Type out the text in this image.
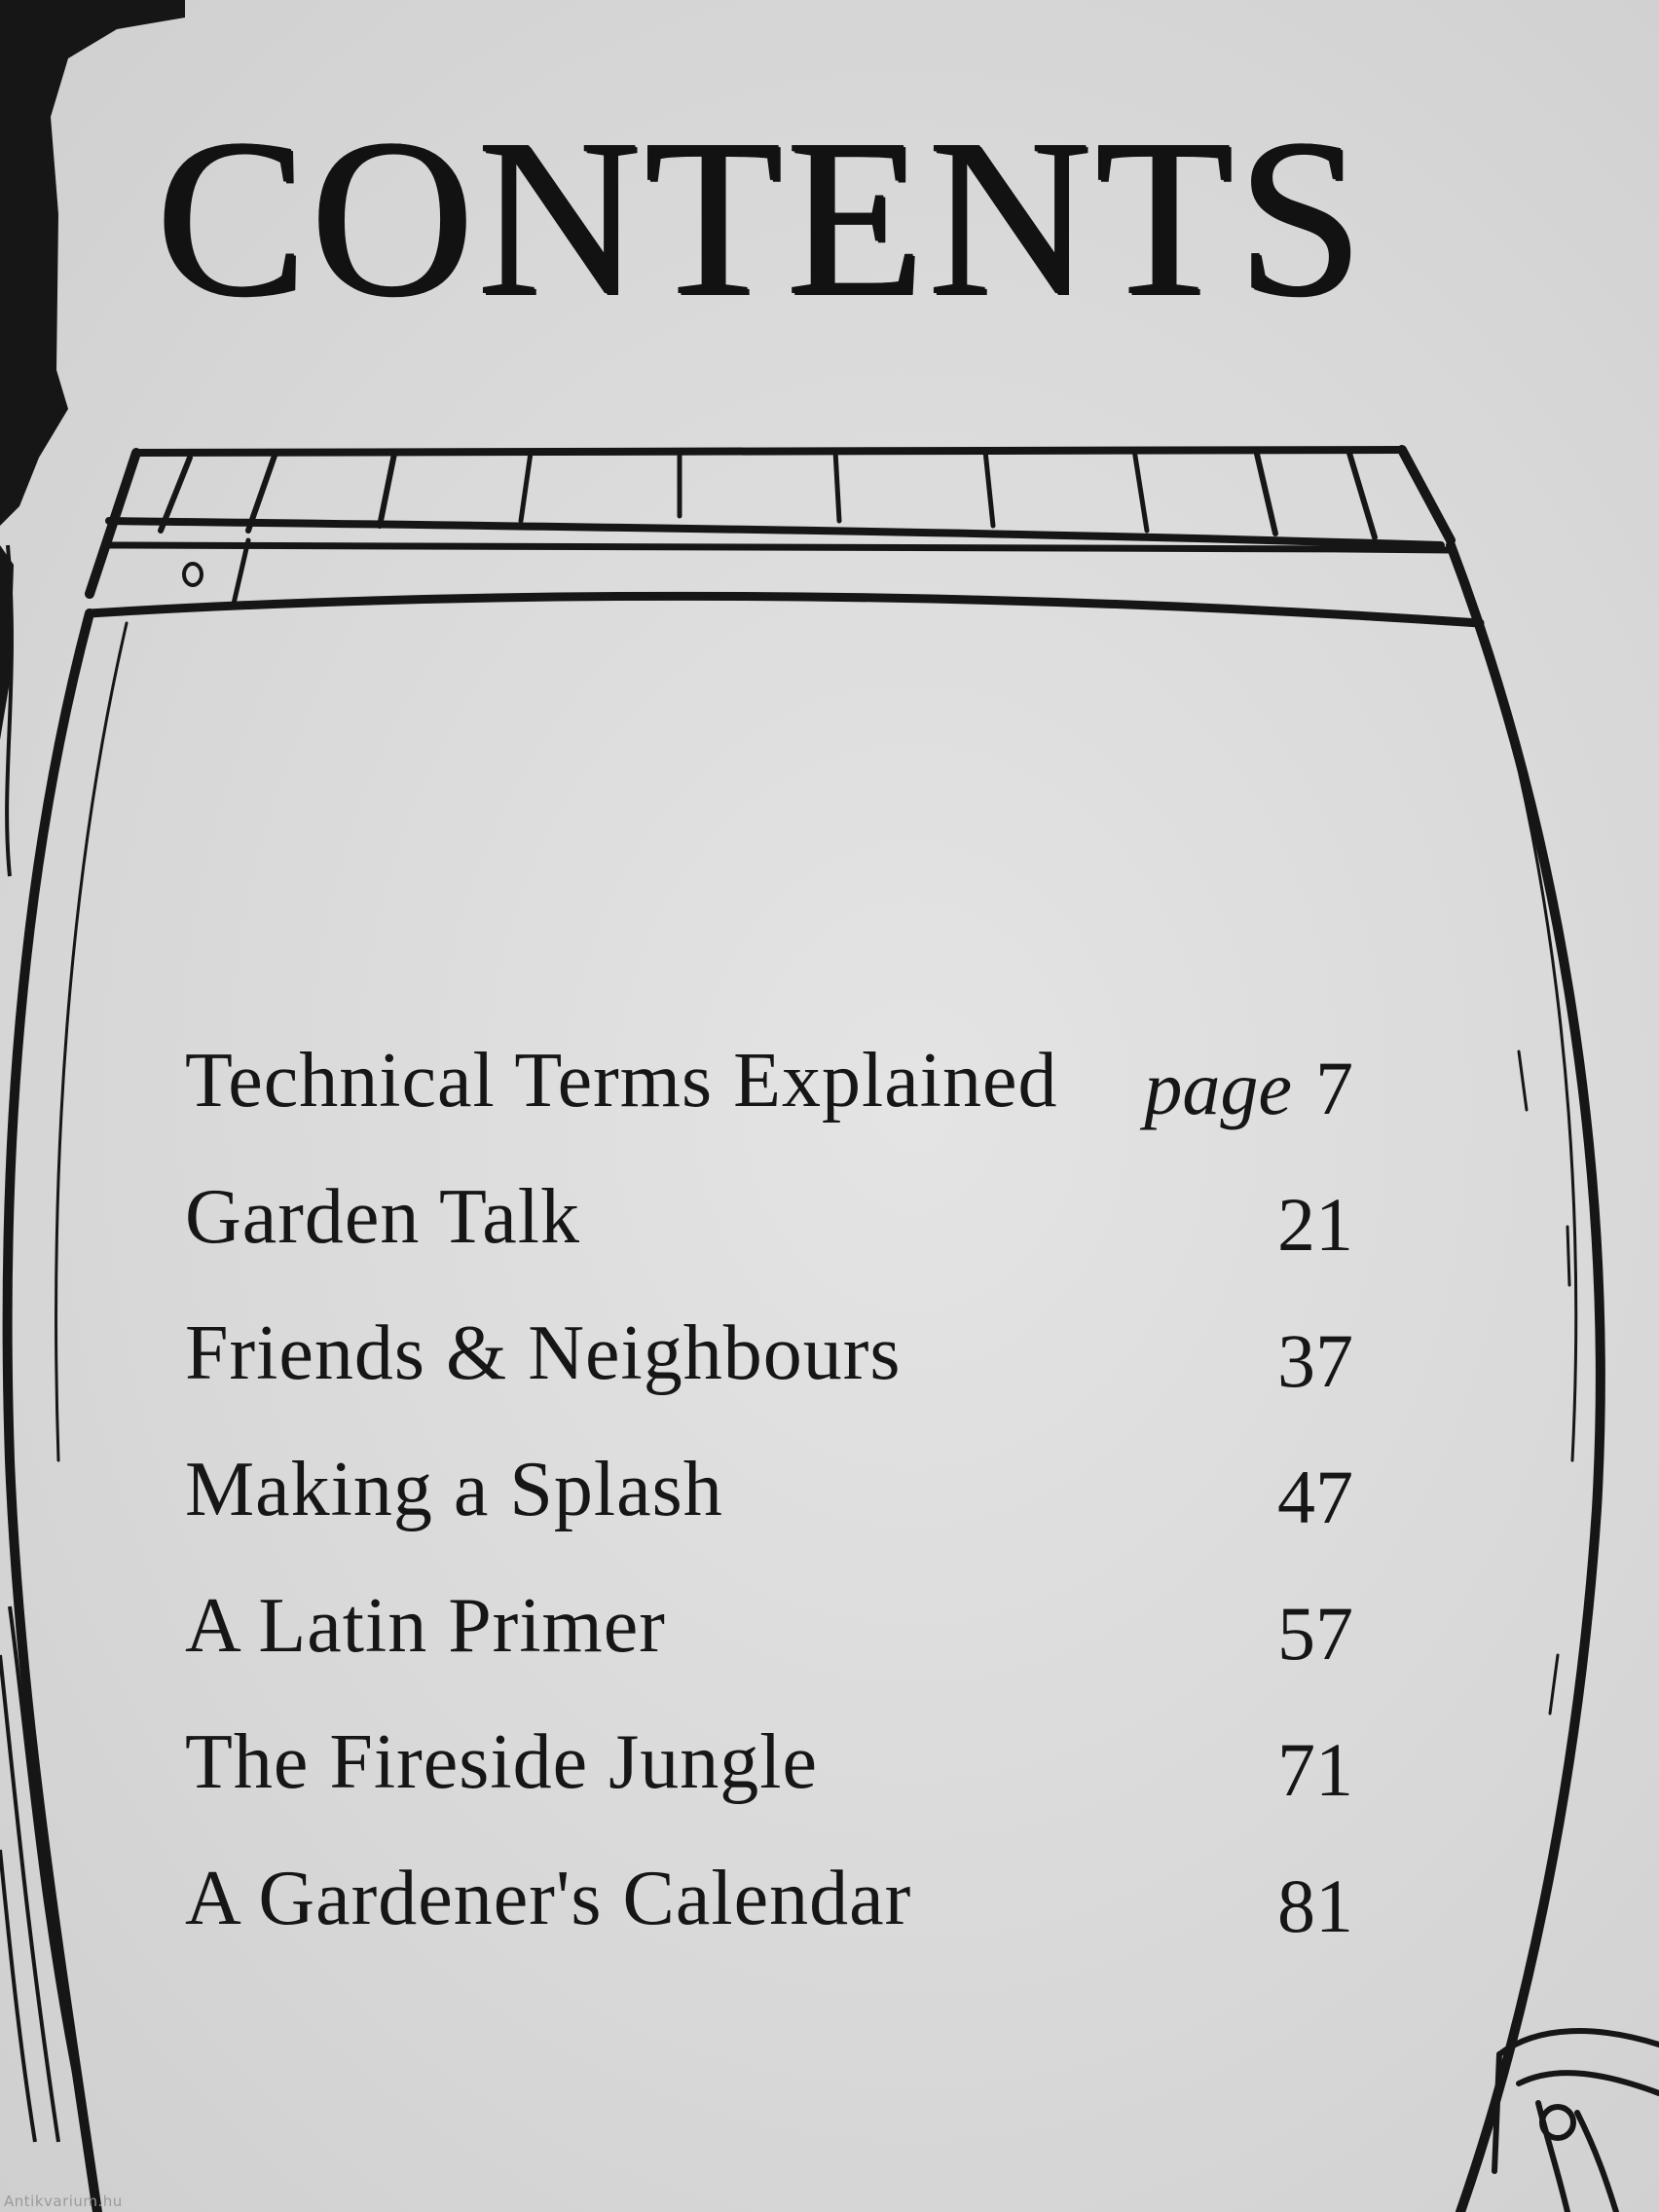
CONTENTS
Technical Terms Explained page 7
Garden Talk	21
Friends & Neighbours	37
Making a Splash	47
A Latin Primer	57
The Fireside Jungle	71
A Gardener's Calendar	81
Antikvarium.hu
